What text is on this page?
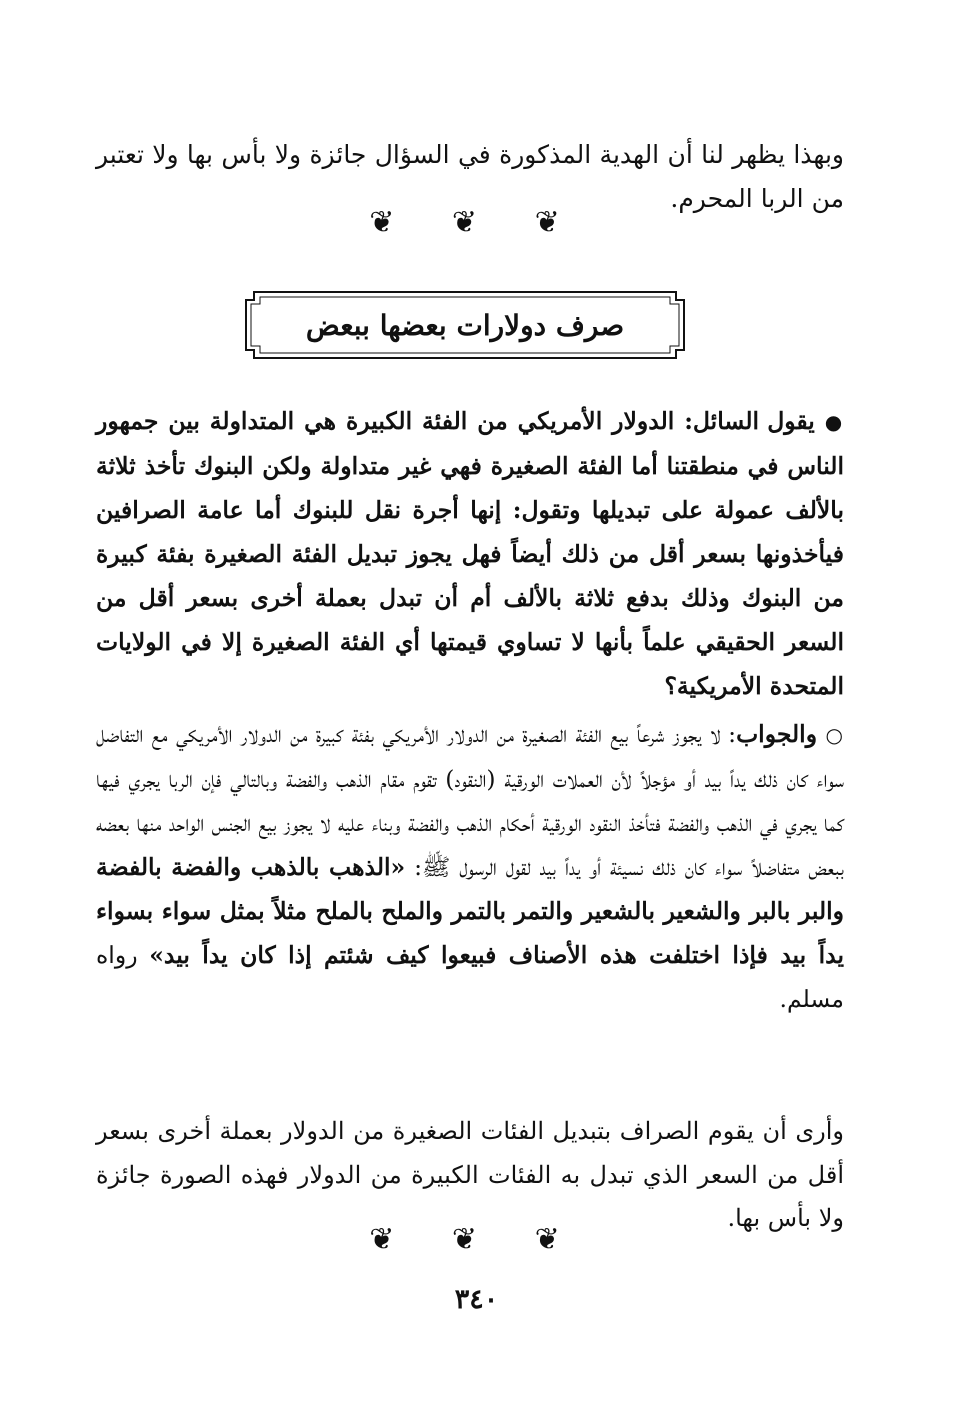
وبهذا يظهر لنا أن الهدية المذكورة في السؤال جائزة ولا بأس بها ولا تعتبر من الربا المحرم.

❦ ❦ ❦
صرف دولارات بعضها ببعض

● يقول السائل: الدولار الأمريكي من الفئة الكبيرة هي المتداولة بين جمهور الناس في منطقتنا أما الفئة الصغيرة فهي غير متداولة ولكن البنوك تأخذ ثلاثة بالألف عمولة على تبديلها وتقول: إنها أجرة نقل للبنوك أما عامة الصرافين فيأخذونها بسعر أقل من ذلك أيضاً فهل يجوز تبديل الفئة الصغيرة بفئة كبيرة من البنوك وذلك بدفع ثلاثة بالألف أم أن تبدل بعملة أخرى بسعر أقل من السعر الحقيقي علماً بأنها لا تساوي قيمتها أي الفئة الصغيرة إلا في الولايات المتحدة الأمريكية؟

○ والجواب: لا يجوز شرعاً بيع الفئة الصغيرة من الدولار الأمريكي بفئة كبيرة من الدولار الأمريكي مع التفاضل سواء كان ذلك يداً بيد أو مؤجلاً لأن العملات الورقية (النقود) تقوم مقام الذهب والفضة وبالتالي فإن الربا يجري فيها كما يجري في الذهب والفضة فتأخذ النقود الورقية أحكام الذهب والفضة وبناء عليه لا يجوز بيع الجنس الواحد منها بعضه ببعض متفاضلاً سواء كان ذلك نسيئة أو يداً بيد لقول الرسول ﷺ: «الذهب بالذهب والفضة بالفضة والبر بالبر والشعير بالشعير والتمر بالتمر والملح بالملح مثلاً بمثل سواء بسواء يداً بيد فإذا اختلفت هذه الأصناف فبيعوا كيف شئتم إذا كان يداً بيد» رواه مسلم.

وأرى أن يقوم الصراف بتبديل الفئات الصغيرة من الدولار بعملة أخرى بسعر أقل من السعر الذي تبدل به الفئات الكبيرة من الدولار فهذه الصورة جائزة ولا بأس بها.

❦ ❦ ❦
٣٤٠
